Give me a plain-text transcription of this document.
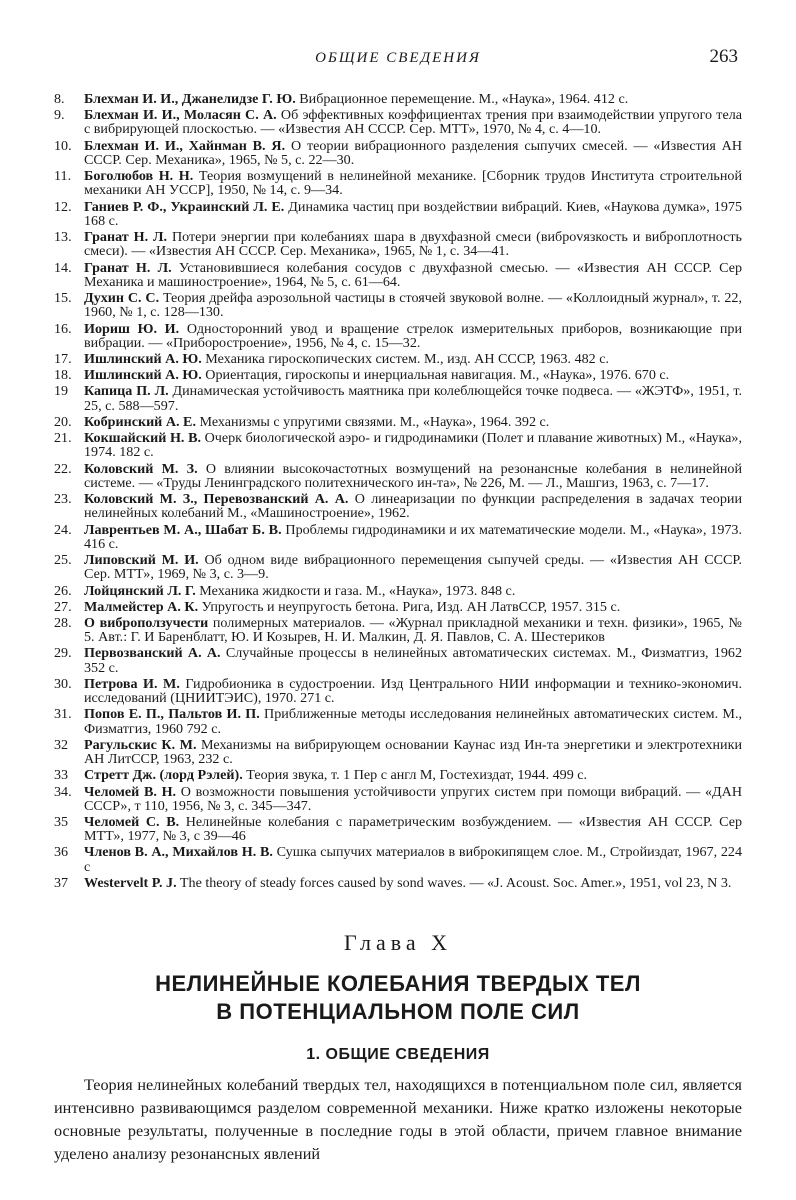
ОБЩИЕ СВЕДЕНИЯ	263
8.	Блехман И. И., Джанелидзе Г. Ю. Вибрационное перемещение. М., «Наука», 1964. 412 с.
9.	Блехман И. И., Моласян С. А. Об эффективных коэффициентах трения при взаимодействии упругого тела с вибрирующей плоскостью. — «Известия АН СССР. Сер. МТТ», 1970, № 4, с. 4—10.
10. Блехман И. И., Хайнман В. Я. О теории вибрационного разделения сыпучих смесей. — «Известия АН СССР. Сер. Механика», 1965, № 5, с. 22—30.
11. Боголюбов Н. Н. Теория возмущений в нелинейной механике. [Сборник трудов Института строительной механики АН УССР], 1950, № 14, с. 9—34.
12. Ганиев Р. Ф., Украинский Л. Е. Динамика частиц при воздействии вибраций. Киев, «Наукова думка», 1975 168 с.
13. Гранат Н. Л. Потери энергии при колебаниях шара в двухфазной смеси (виброvязкость и виброплотность смеси). — «Известия АН СССР. Сер. Механика», 1965, № 1, с. 34—41.
14. Гранат Н. Л. Установившиеся колебания сосудов с двухфазной смесью. — «Известия АН СССР. Сер Механика и машиностроение», 1964, № 5, с. 61—64.
15. Духин С. С. Теория дрейфа аэрозольной частицы в стоячей звуковой волне. — «Коллоидный журнал», т. 22, 1960, № 1, с. 128—130.
16. Иориш Ю. И. Односторонний увод и вращение стрелок измерительных приборов, возникающие при вибрации. — «Приборостроение», 1956, № 4, с. 15—32.
17. Ишлинский А. Ю. Механика гироскопических систем. М., изд. АН СССР, 1963. 482 с.
18. Ишлинский А. Ю. Ориентация, гироскопы и инерциальная навигация. М., «Наука», 1976. 670 с.
19	Капица П. Л. Динамическая устойчивость маятника при колеблющейся точке подвеса. — «ЖЭТФ», 1951, т. 25, с. 588—597.
20. Кобринский А. Е. Механизмы с упругими связями. М., «Наука», 1964. 392 с.
21. Кокшайский Н. В. Очерк биологической аэро- и гидродинамики (Полет и плавание животных) М., «Наука», 1974. 182 с.
22. Коловский М. З. О влиянии высокочастотных возмущений на резонансные колебания в нелинейной системе. — «Труды Ленинградского политехнического ин-та», № 226, М. — Л., Машгиз, 1963, с. 7—17.
23. Коловский М. З., Перевозванский А. А. О линеаризации по функции распределения в задачах теории нелинейных колебаний М., «Машиностроение», 1962.
24. Лаврентьев М. А., Шабат Б. В. Проблемы гидродинамики и их математические модели. М., «Наука», 1973. 416 с.
25. Липовский М. И. Об одном виде вибрационного перемещения сыпучей среды. — «Известия АН СССР. Сер. МТТ», 1969, № 3, с. 3—9.
26. Лойцянский Л. Г. Механика жидкости и газа. М., «Наука», 1973. 848 с.
27. Малмейстер А. К. Упругость и неупругость бетона. Рига, Изд. АН ЛатвССР, 1957. 315 с.
28. О виброползучести полимерных материалов. — «Журнал прикладной механики и техн. физики», 1965, № 5. Авт.: Г. И Баренблатт, Ю. И Козырев, Н. И. Малкин, Д. Я. Павлов, С. А. Шестериков
29. Первозванский А. А. Случайные процессы в нелинейных автоматических системах. М., Физматгиз, 1962 352 с.
30. Петрова И. М. Гидробионика в судостроении. Изд Центрального НИИ информации и технико-экономич. исследований (ЦНИИТЭИС), 1970. 271 с.
31. Попов Е. П., Пальтов И. П. Приближенные методы исследования нелинейных автоматических систем. М., Физматгиз, 1960 792 с.
32	Рагульскис К. М. Механизмы на вибрирующем основании Каунас изд Ин-та энергетики и электротехники АН ЛитССР, 1963, 232 с.
33	Стретт Дж. (лорд Рэлей). Теория звука, т. 1 Пер с англ М, Гостехиздат, 1944. 499 с.
34. Челомей В. Н. О возможности повышения устойчивости упругих систем при помощи вибраций. — «ДАН СССР», т 110, 1956, № 3, с. 345—347.
35	Челомей С. В. Нелинейные колебания с параметрическим возбуждением. — «Известия АН СССР. Сер МТТ», 1977, № 3, с 39—46
36	Членов В. А., Михайлов Н. В. Сушка сыпучих материалов в виброкипящем слое. М., Стройиздат, 1967, 224 с
37	Westervelt P. J. The theory of steady forces caused by sond waves. — «J. Acoust. Soc. Amer.», 1951, vol 23, N 3.
Глава X
НЕЛИНЕЙНЫЕ КОЛЕБАНИЯ ТВЕРДЫХ ТЕЛ
В ПОТЕНЦИАЛЬНОМ ПОЛЕ СИЛ
1. ОБЩИЕ СВЕДЕНИЯ

Теория нелинейных колебаний твердых тел, находящихся в потенциальном поле сил, является интенсивно развивающимся разделом современной механики. Ниже кратко изложены некоторые основные результаты, полученные в последние годы в этой области, причем главное внимание уделено анализу резонансных явлений
